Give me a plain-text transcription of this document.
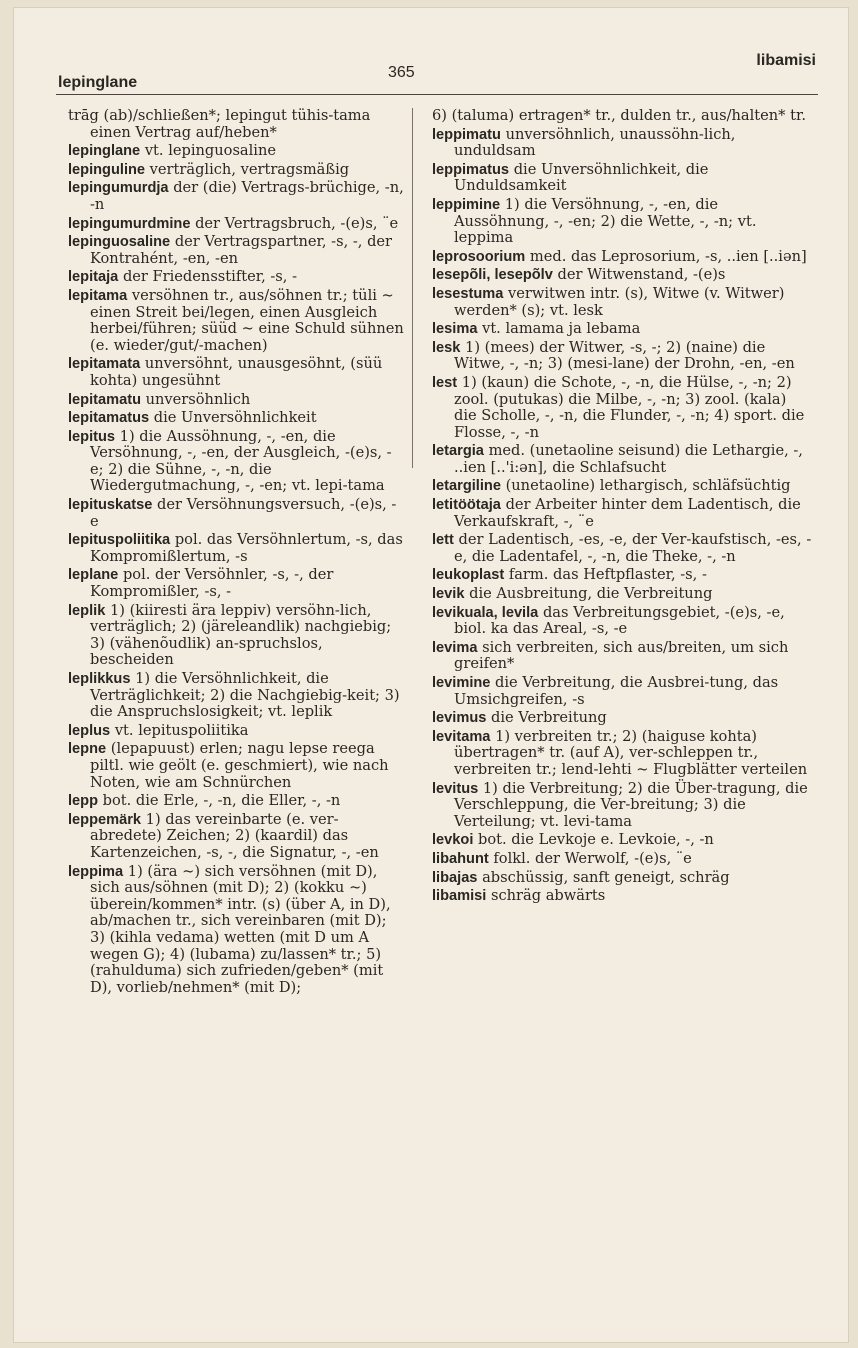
lepinglane
365
libamisi
trāg (ab)/schließen*; lepingut tühis-tama einen Vertrag auf/heben*
lepinglane vt. lepinguosaline
lepinguline verträglich, vertragsmäßig
lepingumurdja der (die) Vertrags-brüchige, -n, -n
lepingumurdmine der Vertragsbruch, -(e)s, ¨e
lepinguosaline der Vertragspartner, -s, -, der Kontrahént, -en, -en
lepitaja der Friedensstifter, -s, -
lepitama versöhnen tr., aus/söhnen tr.; tüli ~ einen Streit bei/legen, einen Ausgleich herbei/führen; süüd ~ eine Schuld sühnen (e. wieder/gut/-machen)
lepitamata unversöhnt, unausgesöhnt, (süü kohta) ungesühnt
lepitamatu unversöhnlich
lepitamatus die Unversöhnlichkeit
lepitus 1) die Aussöhnung, -, -en, die Versöhnung, -, -en, der Ausgleich, -(e)s, -e; 2) die Sühne, -, -n, die Wiedergutmachung, -, -en; vt. lepi-tama
lepituskatse der Versöhnungsversuch, -(e)s, -e
lepituspoliitika pol. das Versöhnlertum, -s, das Kompromißlertum, -s
leplane pol. der Versöhnler, -s, -, der Kompromißler, -s, -
leplik 1) (kiiresti ära leppiv) versöhn-lich, verträglich; 2) (järeleandlik) nachgiebig; 3) (vähenõudlik) an-spruchslos, bescheiden
leplikkus 1) die Versöhnlichkeit, die Verträglichkeit; 2) die Nachgiebig-keit; 3) die Anspruchslosigkeit; vt. leplik
leplus vt. lepituspoliitika
lepne (lepapuust) erlen; nagu lepse reega piltl. wie geölt (e. geschmiert), wie nach Noten, wie am Schnürchen
lepp bot. die Erle, -, -n, die Eller, -, -n
leppemärk 1) das vereinbarte (e. ver-abredete) Zeichen; 2) (kaardil) das Kartenzeichen, -s, -, die Signatur, -, -en
leppima 1) (ära ~) sich versöhnen (mit D), sich aus/söhnen (mit D); 2) (kokku ~) überein/kommen* intr. (s) (über A, in D), ab/machen tr., sich vereinbaren (mit D); 3) (kihla vedama) wetten (mit D um A wegen G); 4) (lubama) zu/lassen* tr.; 5) (rahulduma) sich zufrieden/geben* (mit D), vorlieb/nehmen* (mit D);
6) (taluma) ertragen* tr., dulden tr., aus/halten* tr.
leppimatu unversöhnlich, unaussöhn-lich, unduldsam
leppimatus die Unversöhnlichkeit, die Unduldsamkeit
leppimine 1) die Versöhnung, -, -en, die Aussöhnung, -, -en; 2) die Wette, -, -n; vt. leppima
leprosoorium med. das Leprosorium, -s, ..ien [..iən]
lesepõli, lesepõlv der Witwenstand, -(e)s
lesestuma verwitwen intr. (s), Witwe (v. Witwer) werden* (s); vt. lesk
lesima vt. lamama ja lebama
lesk 1) (mees) der Witwer, -s, -; 2) (naine) die Witwe, -, -n; 3) (mesi-lane) der Drohn, -en, -en
lest 1) (kaun) die Schote, -, -n, die Hülse, -, -n; 2) zool. (putukas) die Milbe, -, -n; 3) zool. (kala) die Scholle, -, -n, die Flunder, -, -n; 4) sport. die Flosse, -, -n
letargia med. (unetaoline seisund) die Lethargie, -, ..ien [..'i:ən], die Schlafsucht
letargiline (unetaoline) lethargisch, schläfsüchtig
letitöötaja der Arbeiter hinter dem Ladentisch, die Verkaufskraft, -, ¨e
lett der Ladentisch, -es, -e, der Ver-kaufstisch, -es, -e, die Ladentafel, -, -n, die Theke, -, -n
leukoplast farm. das Heftpflaster, -s, -
levik die Ausbreitung, die Verbreitung
levikuala, levila das Verbreitungsgebiet, -(e)s, -e, biol. ka das Areal, -s, -e
levima sich verbreiten, sich aus/breiten, um sich greifen*
levimine die Verbreitung, die Ausbrei-tung, das Umsichgreifen, -s
levimus die Verbreitung
levitama 1) verbreiten tr.; 2) (haiguse kohta) übertragen* tr. (auf A), ver-schleppen tr., verbreiten tr.; lend-lehti ~ Flugblätter verteilen
levitus 1) die Verbreitung; 2) die Über-tragung, die Verschleppung, die Ver-breitung; 3) die Verteilung; vt. levi-tama
levkoi bot. die Levkoje e. Levkoie, -, -n
libahunt folkl. der Werwolf, -(e)s, ¨e
libajas abschüssig, sanft geneigt, schräg
libamisi schräg abwärts
